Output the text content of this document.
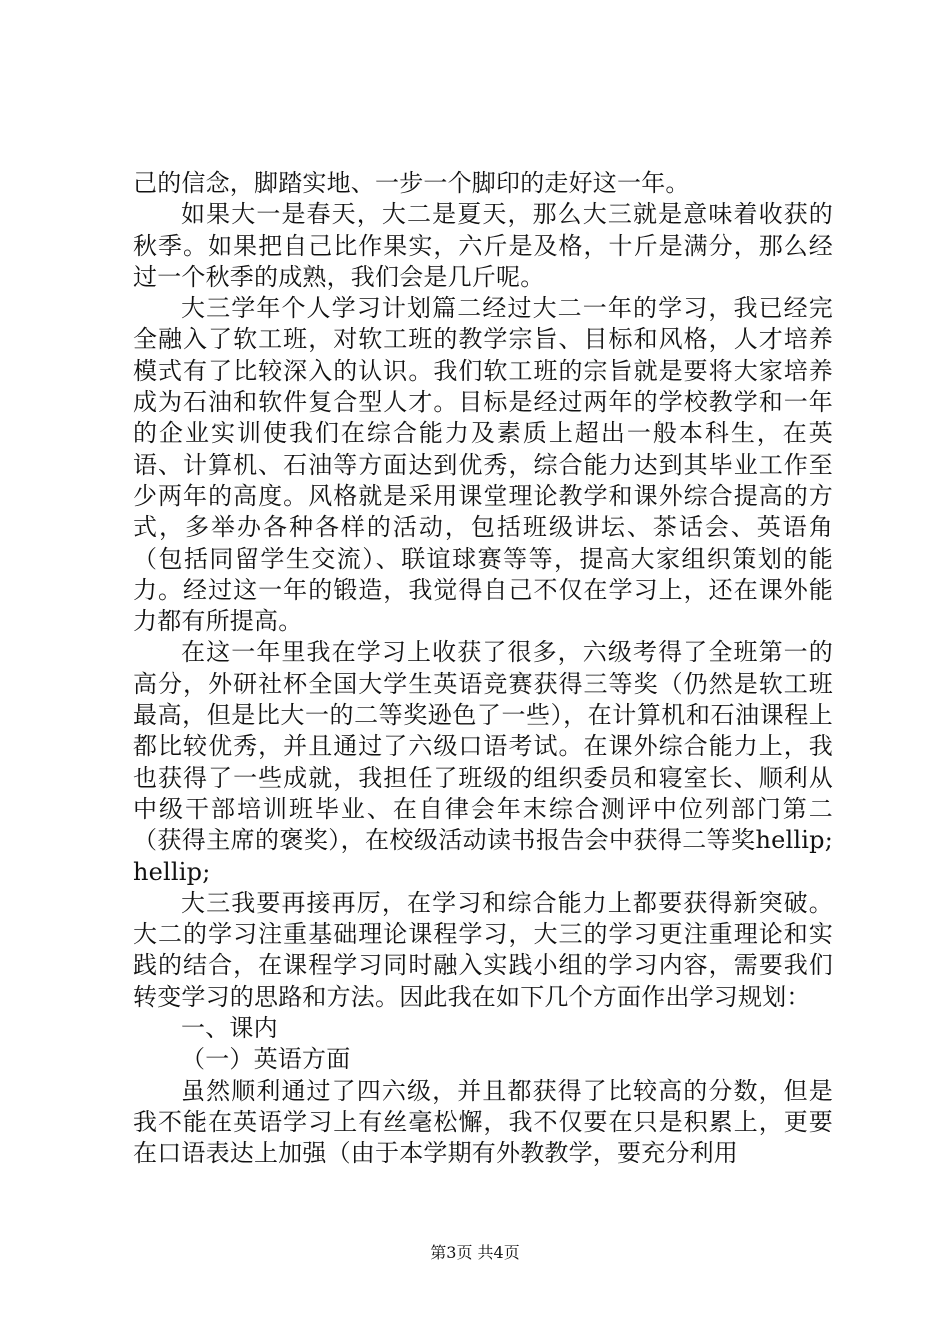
己的信念，脚踏实地、一步一个脚印的走好这一年。

如果大一是春天，大二是夏天，那么大三就是意味着收获的秋季。如果把自己比作果实，六斤是及格，十斤是满分，那么经过一个秋季的成熟，我们会是几斤呢。

大三学年个人学习计划篇二经过大二一年的学习，我已经完全融入了软工班，对软工班的教学宗旨、目标和风格，人才培养模式有了比较深入的认识。我们软工班的宗旨就是要将大家培养成为石油和软件复合型人才。目标是经过两年的学校教学和一年的企业实训使我们在综合能力及素质上超出一般本科生，在英语、计算机、石油等方面达到优秀，综合能力达到其毕业工作至少两年的高度。风格就是采用课堂理论教学和课外综合提高的方式，多举办各种各样的活动，包括班级讲坛、茶话会、英语角（包括同留学生交流）、联谊球赛等等，提高大家组织策划的能力。经过这一年的锻造，我觉得自己不仅在学习上，还在课外能力都有所提高。

在这一年里我在学习上收获了很多，六级考得了全班第一的高分，外研社杯全国大学生英语竞赛获得三等奖（仍然是软工班最高，但是比大一的二等奖逊色了一些），在计算机和石油课程上都比较优秀，并且通过了六级口语考试。在课外综合能力上，我也获得了一些成就，我担任了班级的组织委员和寝室长、顺利从中级干部培训班毕业、在自律会年末综合测评中位列部门第二（获得主席的褒奖），在校级活动读书报告会中获得二等奖hellip;hellip;

大三我要再接再厉，在学习和综合能力上都要获得新突破。大二的学习注重基础理论课程学习，大三的学习更注重理论和实践的结合，在课程学习同时融入实践小组的学习内容，需要我们转变学习的思路和方法。因此我在如下几个方面作出学习规划：

一、课内

（一）英语方面

虽然顺利通过了四六级，并且都获得了比较高的分数，但是我不能在英语学习上有丝毫松懈，我不仅要在只是积累上，更要在口语表达上加强（由于本学期有外教教学，要充分利用

第3页 共4页
